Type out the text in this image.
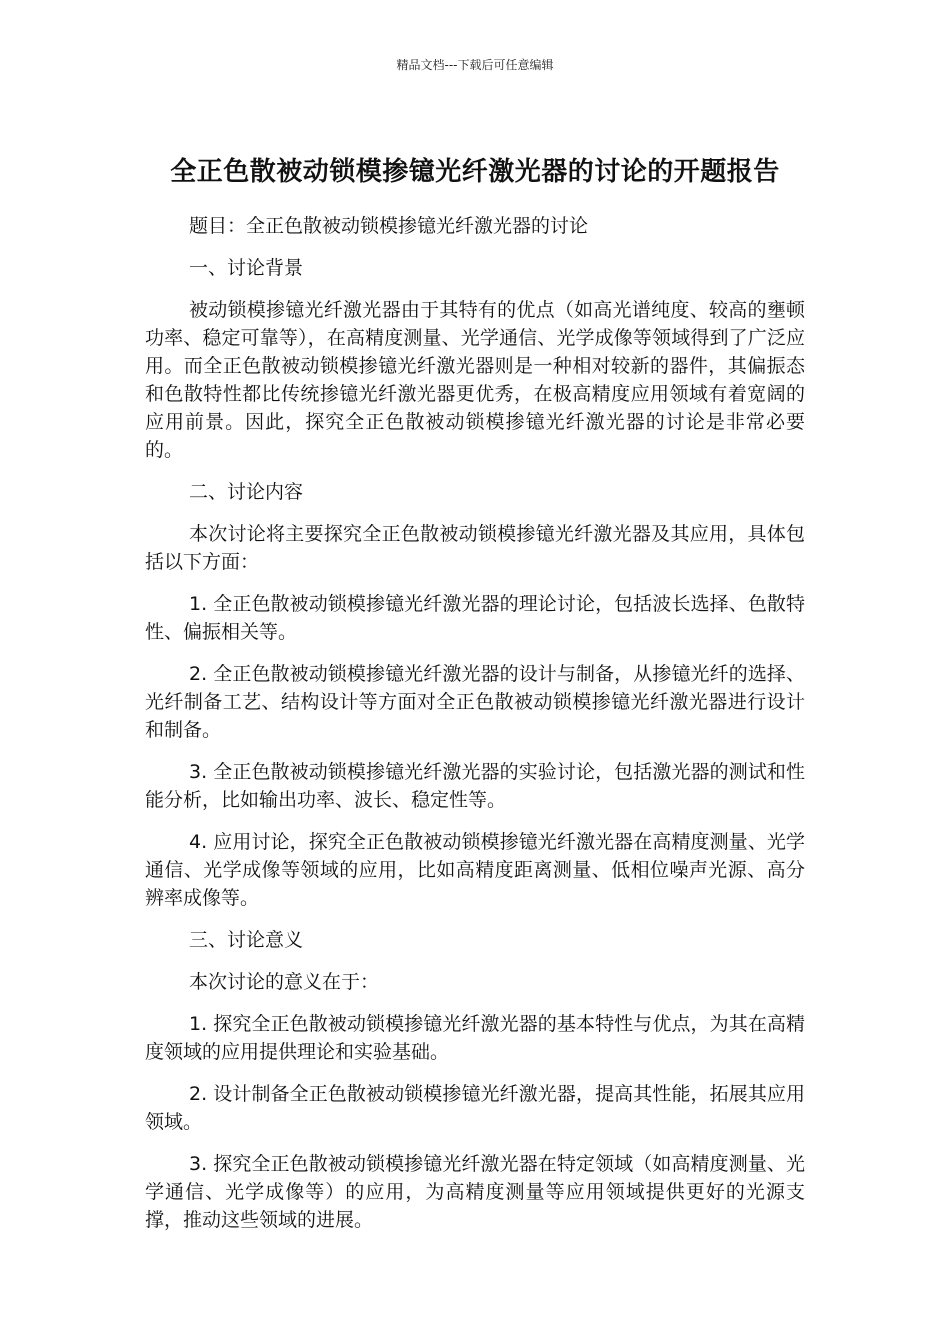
精品文档---下载后可任意编辑
全正色散被动锁模掺镱光纤激光器的讨论的开题报告

题目：全正色散被动锁模掺镱光纤激光器的讨论

一、讨论背景

被动锁模掺镱光纤激光器由于其特有的优点（如高光谱纯度、较高的壅顿功率、稳定可靠等），在高精度测量、光学通信、光学成像等领域得到了广泛应用。而全正色散被动锁模掺镱光纤激光器则是一种相对较新的器件，其偏振态和色散特性都比传统掺镱光纤激光器更优秀，在极高精度应用领域有着宽阔的应用前景。因此，探究全正色散被动锁模掺镱光纤激光器的讨论是非常必要的。

二、讨论内容

本次讨论将主要探究全正色散被动锁模掺镱光纤激光器及其应用，具体包括以下方面：

1. 全正色散被动锁模掺镱光纤激光器的理论讨论，包括波长选择、色散特性、偏振相关等。

2. 全正色散被动锁模掺镱光纤激光器的设计与制备，从掺镱光纤的选择、光纤制备工艺、结构设计等方面对全正色散被动锁模掺镱光纤激光器进行设计和制备。

3. 全正色散被动锁模掺镱光纤激光器的实验讨论，包括激光器的测试和性能分析，比如输出功率、波长、稳定性等。

4. 应用讨论，探究全正色散被动锁模掺镱光纤激光器在高精度测量、光学通信、光学成像等领域的应用，比如高精度距离测量、低相位噪声光源、高分辨率成像等。

三、讨论意义

本次讨论的意义在于：

1. 探究全正色散被动锁模掺镱光纤激光器的基本特性与优点，为其在高精度领域的应用提供理论和实验基础。

2. 设计制备全正色散被动锁模掺镱光纤激光器，提高其性能，拓展其应用领域。

3. 探究全正色散被动锁模掺镱光纤激光器在特定领域（如高精度测量、光学通信、光学成像等）的应用，为高精度测量等应用领域提供更好的光源支撑，推动这些领域的进展。
